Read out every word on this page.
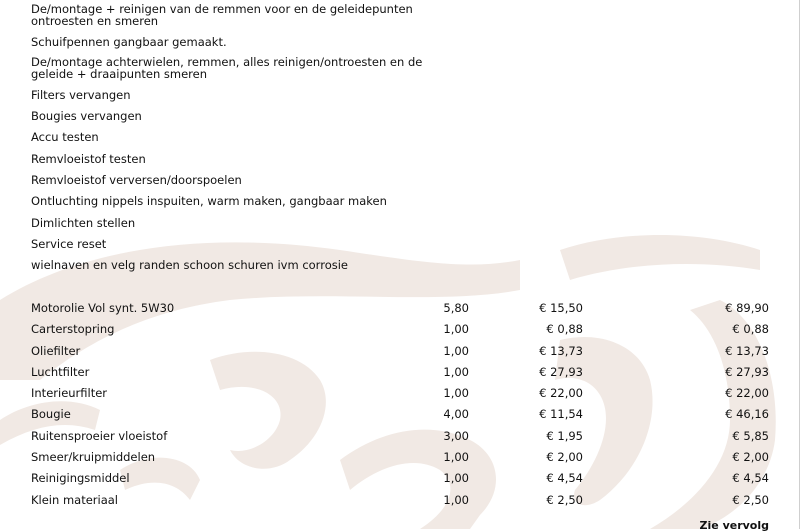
De/montage + reinigen van de remmen voor en de geleidepunten ontroesten en smeren
Schuifpennen gangbaar gemaakt.
De/montage achterwielen, remmen, alles reinigen/ontroesten en de geleide + draaipunten smeren
Filters vervangen
Bougies vervangen
Accu testen
Remvloeistof testen
Remvloeistof verversen/doorspoelen
Ontluchting nippels inspuiten, warm maken, gangbaar maken
Dimlichten stellen
Service reset
wielnaven en velg randen schoon schuren ivm corrosie
Motorolie Vol synt. 5W30	5,80	€ 15,50	€ 89,90
Carterstopring	1,00	€ 0,88	€ 0,88
Oliefilter	1,00	€ 13,73	€ 13,73
Luchtfilter	1,00	€ 27,93	€ 27,93
Interieurfilter	1,00	€ 22,00	€ 22,00
Bougie	4,00	€ 11,54	€ 46,16
Ruitensproeier vloeistof	3,00	€ 1,95	€ 5,85
Smeer/kruipmiddelen	1,00	€ 2,00	€ 2,00
Reinigingsmiddel	1,00	€ 4,54	€ 4,54
Klein materiaal	1,00	€ 2,50	€ 2,50
Zie vervolg
